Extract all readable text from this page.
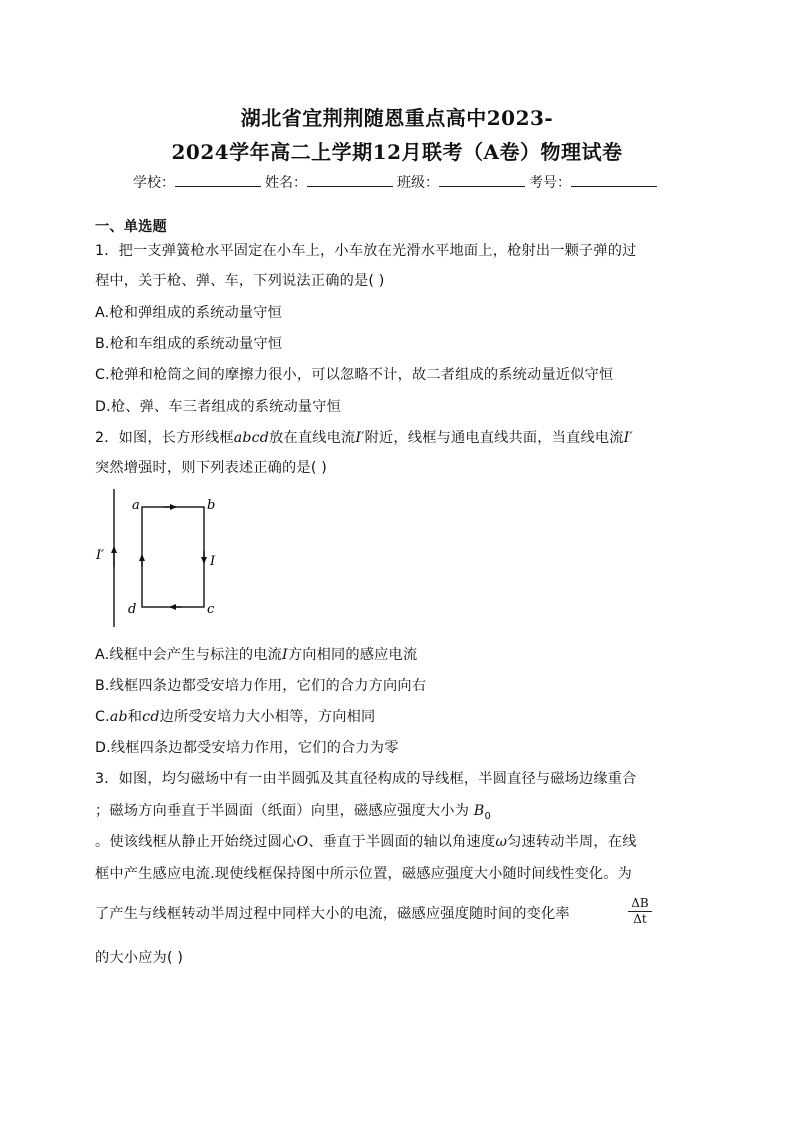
湖北省宜荆荆随恩重点高中2023-
2024学年高二上学期12月联考（A卷）物理试卷
学校：	姓名：	班级：	考号：
一、单选题
1．把一支弹簧枪水平固定在小车上，小车放在光滑水平地面上，枪射出一颗子弹的过
程中，关于枪、弹、车，下列说法正确的是( )
A.枪和弹组成的系统动量守恒
B.枪和车组成的系统动量守恒
C.枪弹和枪筒之间的摩擦力很小，可以忽略不计，故二者组成的系统动量近似守恒
D.枪、弹、车三者组成的系统动量守恒
2．如图，长方形线框abcd放在直线电流I′附近，线框与通电直线共面，当直线电流I′
突然增强时，则下列表述正确的是( )
I′
a	b
c
d
I
A.线框中会产生与标注的电流I方向相同的感应电流
B.线框四条边都受安培力作用，它们的合力方向向右
C.ab和cd边所受安培力大小相等，方向相同
D.线框四条边都受安培力作用，它们的合力为零
3．如图，均匀磁场中有一由半圆弧及其直径构成的导线框，半圆直径与磁场边缘重合
；磁场方向垂直于半圆面（纸面）向里，磁感应强度大小为 $B_0$
。使该线框从静止开始绕过圆心O、垂直于半圆面的轴以角速度ω匀速转动半周，在线
框中产生感应电流.现使线框保持图中所示位置，磁感应强度大小随时间线性变化。为
了产生与线框转动半周过程中同样大小的电流，磁感应强度随时间的变化率	$\frac{\Delta B}{\Delta t}$
的大小应为( )
